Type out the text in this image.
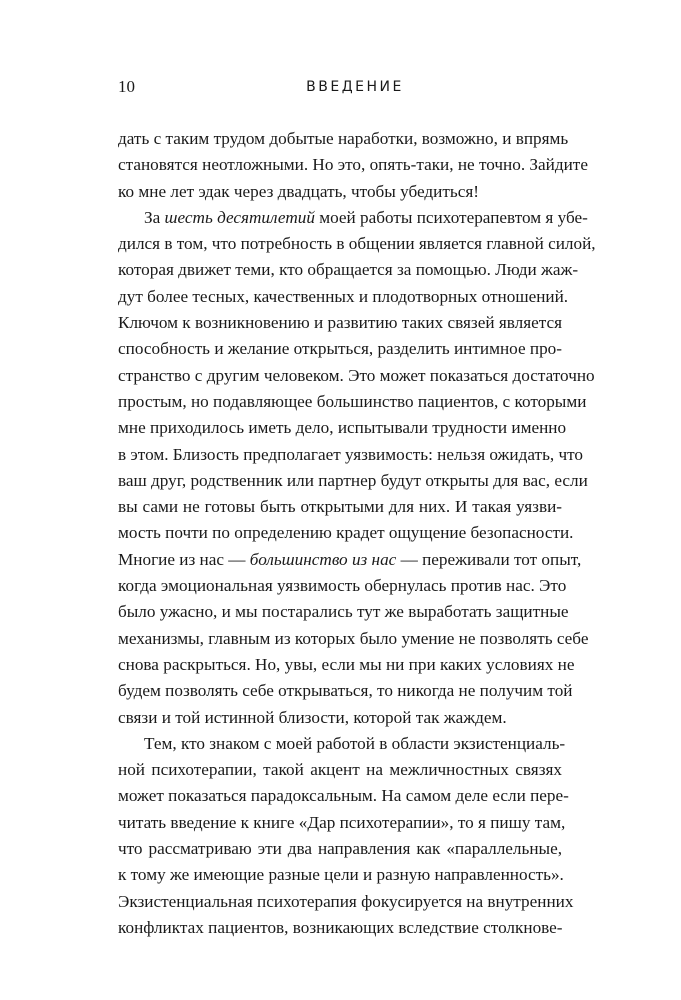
10	ВВЕДЕНИЕ
дать с таким трудом добытые наработки, возможно, и впрямь
становятся неотложными. Но это, опять-таки, не точно. Зайдите
ко мне лет эдак через двадцать, чтобы убедиться!
За шесть десятилетий моей работы психотерапевтом я убе-
дился в том, что потребность в общении является главной силой,
которая движет теми, кто обращается за помощью. Люди жаж-
дут более тесных, качественных и плодотворных отношений.
Ключом к возникновению и развитию таких связей является
способность и желание открыться, разделить интимное про-
странство с другим человеком. Это может показаться достаточно
простым, но подавляющее большинство пациентов, с которыми
мне приходилось иметь дело, испытывали трудности именно
в этом. Близость предполагает уязвимость: нельзя ожидать, что
ваш друг, родственник или партнер будут открыты для вас, если
вы сами не готовы быть открытыми для них. И такая уязви-
мость почти по определению крадет ощущение безопасности.
Многие из нас — большинство из нас — переживали тот опыт,
когда эмоциональная уязвимость обернулась против нас. Это
было ужасно, и мы постарались тут же выработать защитные
механизмы, главным из которых было умение не позволять себе
снова раскрыться. Но, увы, если мы ни при каких условиях не
будем позволять себе открываться, то никогда не получим той
связи и той истинной близости, которой так жаждем.
Тем, кто знаком с моей работой в области экзистенциаль-
ной психотерапии, такой акцент на межличностных связях
может показаться парадоксальным. На самом деле если пере-
читать введение к книге «Дар психотерапии», то я пишу там,
что рассматриваю эти два направления как «параллельные,
к тому же имеющие разные цели и разную направленность».
Экзистенциальная психотерапия фокусируется на внутренних
конфликтах пациентов, возникающих вследствие столкнове-
